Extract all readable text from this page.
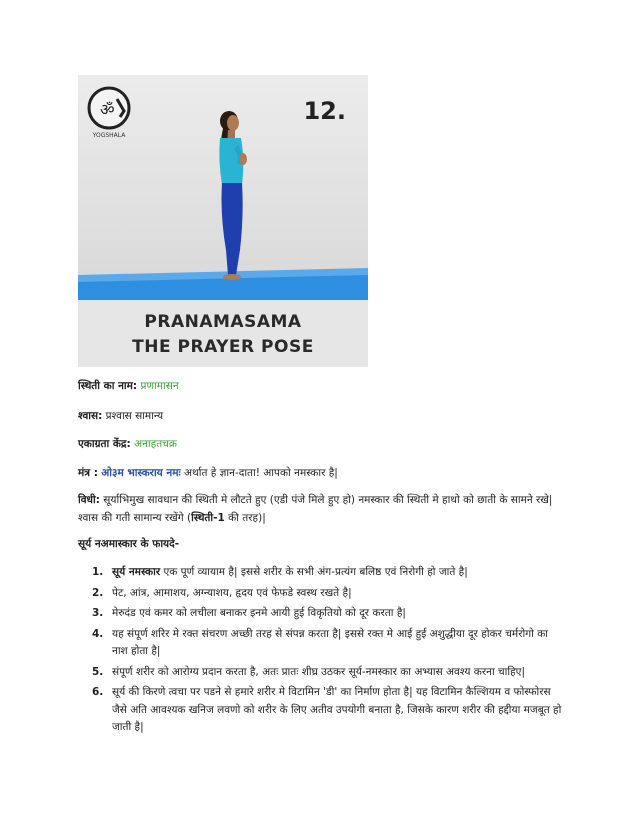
ॐ
YOGSHALA
12.
PRANAMASAMA
THE PRAYER POSE
स्थिती का नाम: प्रणामासन
श्वास: प्रश्वास सामान्य
एकाग्रता केंद्र: अनाहतचक्र
मंत्र : ओ३म भास्कराय नमः अर्थात हे ज्ञान-दाता! आपको नमस्कार है|
विधी: सूर्याभिमुख सावधान की स्थिती मे लौटते हुए (एडी पंजे मिले हुए हो) नमस्कार की स्थिती मे हाथो को छाती के सामने रखे| श्वास की गती सामान्य रखेंगे (स्थिती-1 की तरह)|
सूर्य नअमास्कार के फायदे-
1. सूर्य नमस्कार एक पूर्ण व्यायाम है| इससे शरीर के सभी अंग-प्रत्यंग बलिष्ठ एवं निरोगी हो जाते है|
2. पेट, आंत्र, आमाशय, अग्न्याशय, हृदय एवं फेफडे स्वस्थ रखते है|
3. मेरुदंड एवं कमर को लचीला बनाकर इनमे आयी हुई विकृतियो को दूर करता है|
4. यह संपूर्ण शरिर मे रक्त संचरण अच्छी तरह से संपन्न करता है| इससे रक्त मे आई हुई अशुद्धीया दूर होकर चर्मरोगो का नाश होता है|
5. संपूर्ण शरीर को आरोग्य प्रदान करता है, अतः प्रातः शीघ्र उठकर सूर्य-नमस्कार का अभ्यास अवश्य करना चाहिए|
6. सूर्य की किरणे त्वचा पर पडने से हमारे शरीर मे विटामिन 'डी' का निर्माण होता है| यह विटामिन कैल्शियम व फोस्फोरस जैसे अति आवश्यक खनिज लवणो को शरीर के लिए अतीव उपयोगी बनाता है, जिसके कारण शरीर की हद्दीया मजबूत हो जाती है|
